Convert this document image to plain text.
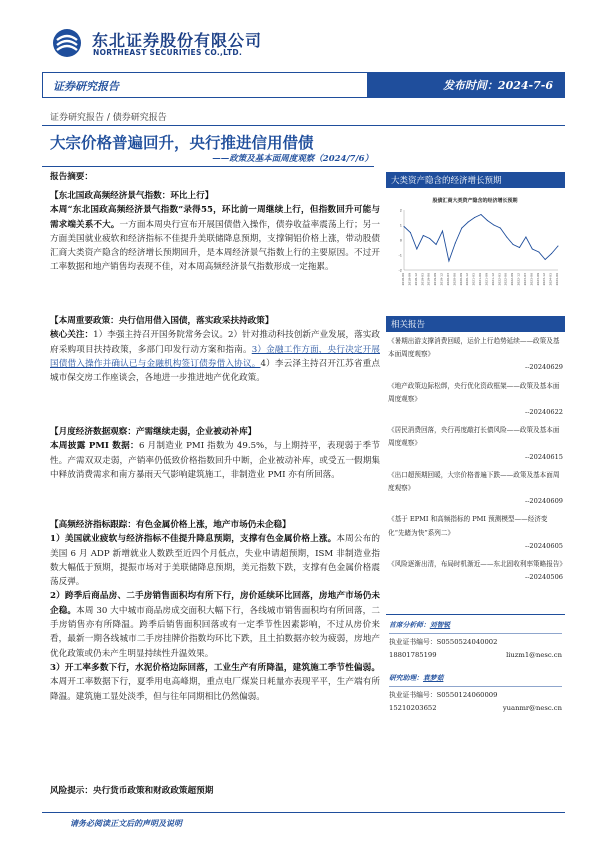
东北证券股份有限公司
NORTHEAST SECURITIES CO.,LTD.
证券研究报告	发布时间：2024-7-6
证券研究报告 / 债券研究报告
大宗价格普遍回升，央行推进信用借债
——政策及基本面周度观察（2024/7/6）
报告摘要：

【东北国政高频经济景气指数：环比上行】

本周“东北国政高频经济景气指数”录得55，环比前一周继续上行，但指数回升可能与需求端关系不大。一方面本周央行宣布开展国债借入操作，债券收益率震荡上行；另一方面美国就业疲软和经济指标不佳提升美联储降息预期，支撑铜铝价格上涨，带动股债汇商大类资产隐含的经济增长预期回升，是本周经济景气指数上行的主要原因。不过开工率数据和地产销售均表现不佳，对本周高频经济景气指数形成一定拖累。

【本周重要政策：央行信用借入国债，落实政采扶持政策】

核心关注：1）李强主持召开国务院常务会议。2）针对推动科技创新产业发展，落实政府采购项目扶持政策，多部门印发行动方案和指南。3）金融工作方面，央行决定开展国债借入操作并确认已与金融机构签订债券借入协议。4）李云泽主持召开江苏省重点城市保交房工作座谈会，各地进一步推进地产优化政策。

【月度经济数据观察：产需继续走弱，企业被动补库】

本周披露 PMI 数据：6 月制造业 PMI 指数为 49.5%，与上期持平，表现弱于季节性。产需双双走弱，产销率仍低致价格指数回升中断，企业被动补库，或受五一假期集中释放消费需求和南方暴雨天气影响建筑施工，非制造业 PMI 亦有所回落。

【高频经济指标跟踪：有色金属价格上涨，地产市场仍未企稳】

1）美国就业疲软与经济指标不佳提升降息预期，支撑有色金属价格上涨。本周公布的美国 6 月 ADP 新增就业人数跌至近四个月低点，失业申请超预期，ISM 非制造业指数大幅低于预期，提振市场对于美联储降息预期，美元指数下跌，支撑有色金属价格震荡反弹。

2）跨季后商品房、二手房销售面积均有所下行，房价延续环比回落，房地产市场仍未企稳。本周 30 大中城市商品房成交面积大幅下行，各线城市销售面积均有所回落，二手房销售亦有所降温。跨季后销售面积回落或有一定季节性因素影响，不过从房价来看，最新一期各线城市二手房挂牌价指数均环比下跌，且土拍数据亦较为疲弱，房地产优化政策或仍未产生明显持续性升温效果。

3）开工率多数下行，水泥价格边际回落，工业生产有所降温，建筑施工季节性偏弱。本周开工率数据下行，夏季用电高峰期，重点电厂煤炭日耗量亦表现平平，生产端有所降温。建筑施工显处淡季，但与往年同期相比仍然偏弱。

风险提示：央行货币政策和财政政策超预期
大类资产隐含的经济增长预期
股债汇商大类资产隐含的经济增长预期
-2
-1
0
1
2
2018-06 2018-09 2018-12 2019-03 2019-06 2019-09 2019-12 2020-03 2020-06 2020-09 2020-12 2021-03 2021-06 2021-09 2021-12 2022-03 2022-06 2022-09 2022-12 2023-03 2023-06 2023-09 2023-12 2024-03 2024-06
相关报告
《暑期出游支撑消费回暖，运价上行趋势延续——政策及基本面周度观察》
--20240629
《地产政策边际松绑，央行优化资政框架——政策及基本面周度观察》
--20240622
《居民消费回落，央行再度敲打长债风险——政策及基本面周度观察》
--20240615
《出口超预期回暖，大宗价格普遍下跌——政策及基本面周度观察》
--20240609
《基于 EPMI 和高频指标的 PMI 预测模型——经济变化“先睹为快”系列二》
--20240605
《风险逐渐出清，布局时机渐近——东北固收利率策略报告》
--20240506
首席分析师：刘智锐
执业证书编号：S0550524040002
18801785199	liuzm1@nesc.cn
研究助理：袁梦茹
执业证书编号：S0550124060009
15210203652	yuanmr@nesc.cn
请务必阅读正文后的声明及说明
